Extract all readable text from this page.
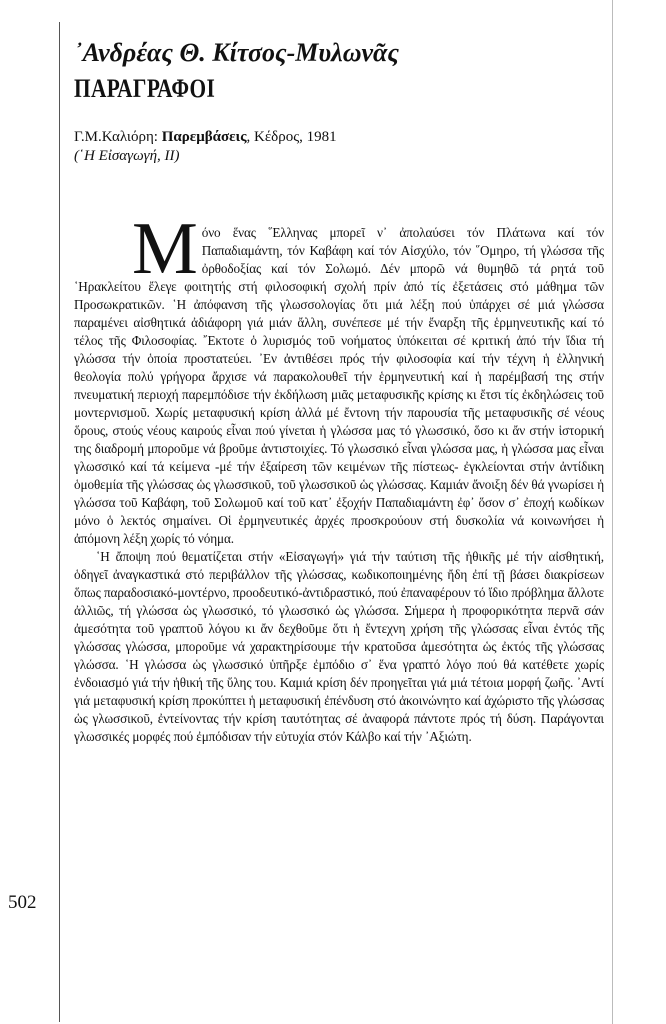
502
᾿Ανδρέας Θ. Κίτσος-Μυλωνᾶς
ΠΑΡΑΓΡΑΦΟΙ
Γ.Μ.Καλιόρη: Παρεμβάσεις, Κέδρος, 1981
(῾Η Εἰσαγωγή, ΙΙ)

Μόνο ἕνας ῞Ελληνας μπορεῖ ν᾿ ἀπολαύσει τόν Πλάτωνα καί τόν Παπαδιαμάντη, τόν Καβάφη καί τόν Αἰσχύλο, τόν ῞Ομηρο, τή γλώσσα τῆς ὀρθοδοξίας καί τόν Σολωμό. Δέν μπορῶ νά θυμηθῶ τά ρητά τοῦ ῾Ηρακλείτου ἔλεγε φοιτητής στή φιλοσοφική σχολή πρίν ἀπό τίς ἐξετάσεις στό μάθημα τῶν Προσωκρατικῶν. ῾Η ἀπόφανση τῆς γλωσσολογίας ὅτι μιά λέξη πού ὑπάρχει σέ μιά γλώσσα παραμένει αἰσθητικά ἀδιάφορη γιά μιάν ἄλλη, συνέπεσε μέ τήν ἔναρξη τῆς ἑρμηνευτικῆς καί τό τέλος τῆς Φιλοσοφίας. ῎Εκτοτε ὁ λυρισμός τοῦ νοήματος ὑπόκειται σέ κριτική ἀπό τήν ἴδια τή γλώσσα τήν ὁποία προστατεύει. ᾿Εν ἀντιθέσει πρός τήν φιλοσοφία καί τήν τέχνη ἡ ἑλληνική θεολογία πολύ γρήγορα ἄρχισε νά παρακολουθεῖ τήν ἑρμηνευτική καί ἡ παρέμβασή της στήν πνευματική περιοχή παρεμπόδισε τήν ἐκδήλωση μιᾶς μεταφυσικῆς κρίσης κι ἔτσι τίς ἐκδηλώσεις τοῦ μοντερνισμοῦ. Χωρίς μεταφυσική κρίση ἀλλά μέ ἔντονη τήν παρουσία τῆς μεταφυσικῆς σέ νέους ὅρους, στούς νέους καιρούς εἶναι πού γίνεται ἡ γλώσσα μας τό γλωσσικό, ὅσο κι ἄν στήν ἱστορική της διαδρομή μποροῦμε νά βροῦμε ἀντιστοιχίες. Τό γλωσσικό εἶναι γλώσσα μας, ἡ γλώσσα μας εἶναι γλωσσικό καί τά κείμενα -μέ τήν ἐξαίρεση τῶν κειμένων τῆς πίστεως- ἐγκλείονται στήν ἀντίδικη ὁμοθεμία τῆς γλώσσας ὡς γλωσσικοῦ, τοῦ γλωσσικοῦ ὡς γλώσσας. Καμιάν ἄνοιξη δέν θά γνωρίσει ἡ γλώσσα τοῦ Καβάφη, τοῦ Σολωμοῦ καί τοῦ κατ᾿ ἐξοχήν Παπαδιαμάντη ἐφ᾿ ὅσον σ᾿ ἐποχή κωδίκων μόνο ὁ λεκτός σημαίνει. Οἱ ἑρμηνευτικές ἀρχές προσκρούουν στή δυσκολία νά κοινωνήσει ἡ ἀπόμονη λέξη χωρίς τό νόημα.

῾Η ἄποψη πού θεματίζεται στήν «Εἰσαγωγή» γιά τήν ταύτιση τῆς ἠθικῆς μέ τήν αἰσθητική, ὁδηγεῖ ἀναγκαστικά στό περιβάλλον τῆς γλώσσας, κωδικοποιημένης ἤδη ἐπί τῇ βάσει διακρίσεων ὅπως παραδοσιακό-μοντέρνο, προοδευτικό-ἀντιδραστικό, πού ἐπαναφέρουν τό ἴδιο πρόβλημα ἄλλοτε ἀλλιῶς, τή γλώσσα ὡς γλωσσικό, τό γλωσσικό ὡς γλώσσα. Σήμερα ἡ προφορικότητα περνᾶ σάν ἀμεσότητα τοῦ γραπτοῦ λόγου κι ἄν δεχθοῦμε ὅτι ἡ ἔντεχνη χρήση τῆς γλώσσας εἶναι ἐντός τῆς γλώσσας γλώσσα, μποροῦμε νά χαρακτηρίσουμε τήν κρατοῦσα ἀμεσότητα ὡς ἐκτός τῆς γλώσσας γλώσσα. ῾Η γλώσσα ὡς γλωσσικό ὑπῆρξε ἐμπόδιο σ᾿ ἕνα γραπτό λόγο πού θά κατέθετε χωρίς ἐνδοιασμό γιά τήν ἠθική τῆς ὕλης του. Καμιά κρίση δέν προηγεῖται γιά μιά τέτοια μορφή ζωῆς. ᾿Αντί γιά μεταφυσική κρίση προκύπτει ἡ μεταφυσική ἐπένδυση στό ἀκοινώνητο καί ἀχώριστο τῆς γλώσσας ὡς γλωσσικοῦ, ἐντείνοντας τήν κρίση ταυτότητας σέ ἀναφορά πάντοτε πρός τή δύση. Παράγονται γλωσσικές μορφές πού ἐμπόδισαν τήν εὐτυχία στόν Κάλβο καί τήν ᾿Αξιώτη.
